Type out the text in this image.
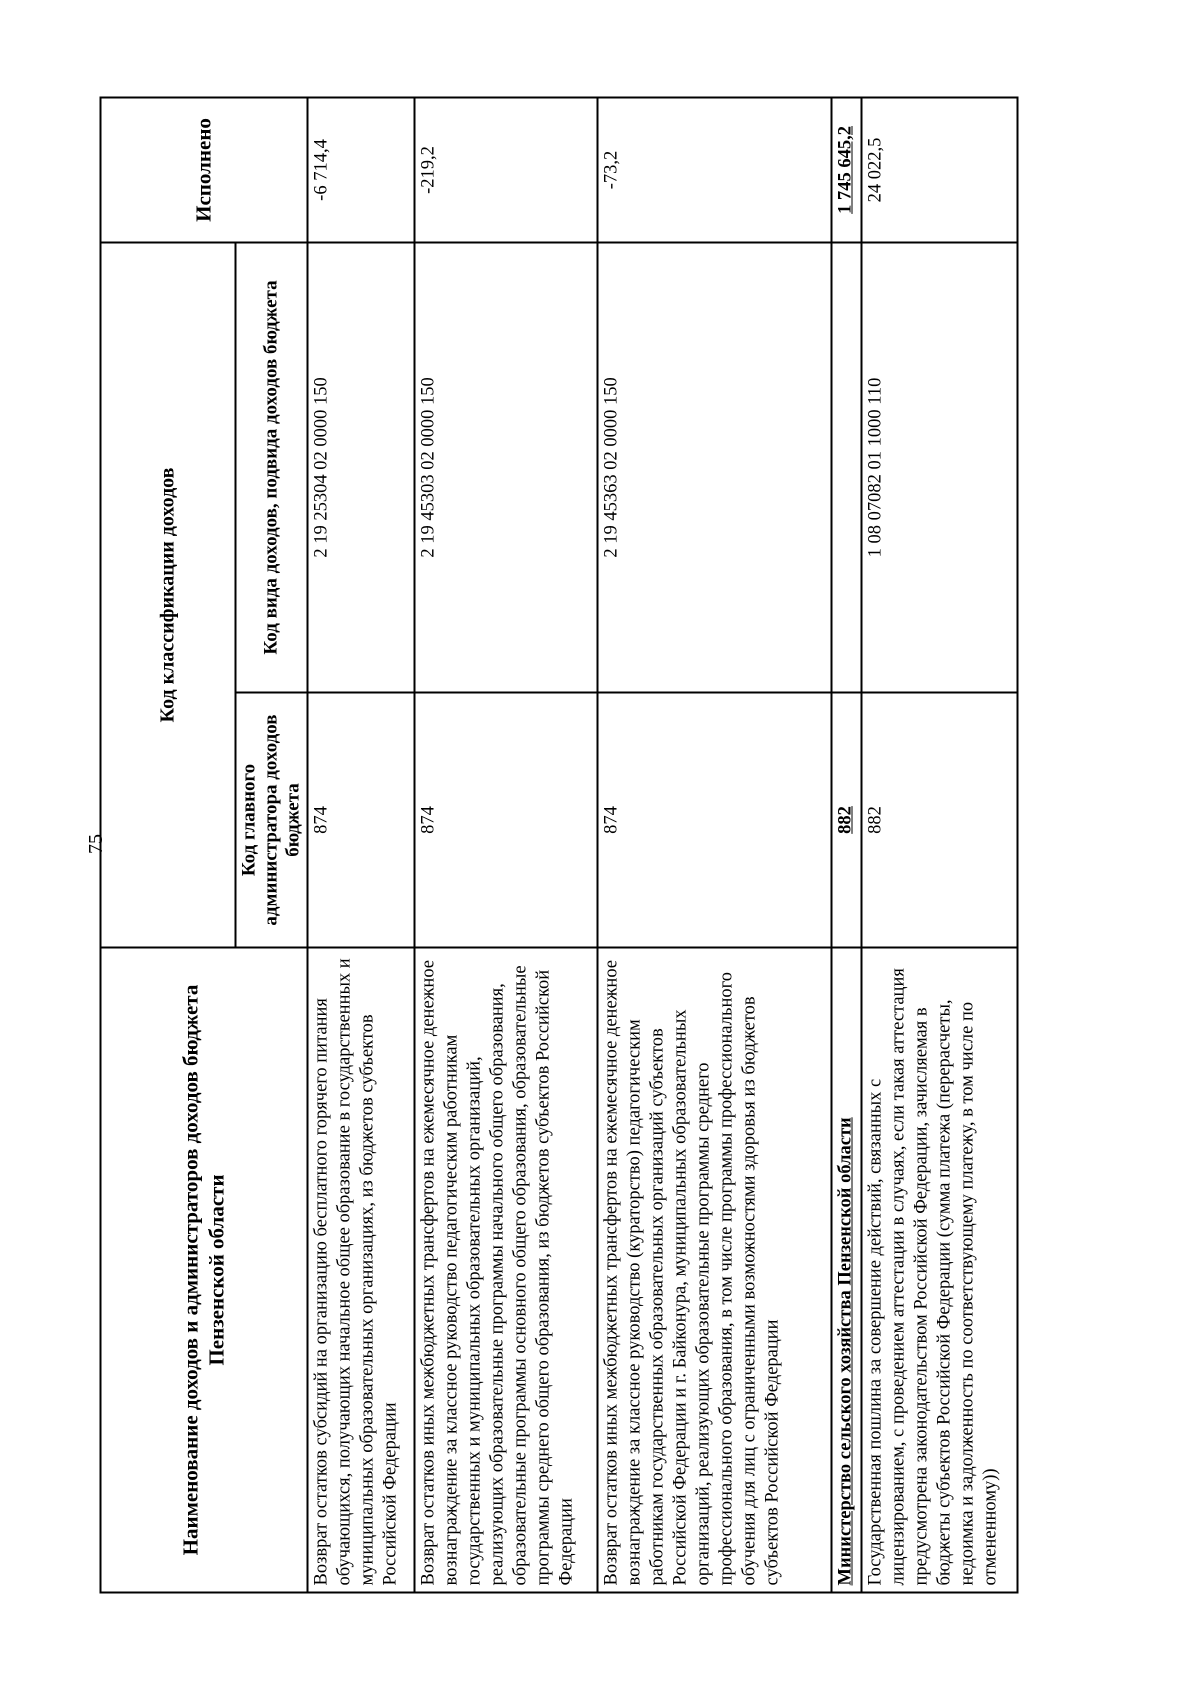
75
Наименование доходов и администраторов доходов бюджета Пензенской области	Код классификации доходов		Исполнено
	Код главного администратора доходов бюджета	Код вида доходов, подвида доходов бюджета	
Возврат остатков субсидий на организацию бесплатного горячего питания обучающихся, получающих начальное общее образование в государственных и муниципальных образовательных организациях, из бюджетов субъектов Российской Федерации	874	2 19 25304 02 0000 150	-6 714,4
Возврат остатков иных межбюджетных трансфертов на ежемесячное денежное вознаграждение за классное руководство педагогическим работникам государственных и муниципальных образовательных организаций, реализующих образовательные программы начального общего образования, образовательные программы основного общего образования, образовательные программы среднего общего образования, из бюджетов субъектов Российской Федерации	874	2 19 45303 02 0000 150	-219,2
Возврат остатков иных межбюджетных трансфертов на ежемесячное денежное вознаграждение за классное руководство (кураторство) педагогическим работникам государственных образовательных организаций субъектов Российской Федерации и г. Байконура, муниципальных образовательных организаций, реализующих образовательные программы среднего профессионального образования, в том числе программы профессионального обучения для лиц с ограниченными возможностями здоровья из бюджетов субъектов Российской Федерации	874	2 19 45363 02 0000 150	-73,2
Министерство сельского хозяйства Пензенской области	882		1 745 645,2
Государственная пошлина за совершение действий, связанных с лицензированием, с проведением аттестации в случаях, если такая аттестация предусмотрена законодательством Российской Федерации, зачисляемая в бюджеты субъектов Российской Федерации (сумма платежа (перерасчеты, недоимка и задолженность по соответствующему платежу, в том числе по отмененному))	882	1 08 07082 01 1000 110	24 022,5
